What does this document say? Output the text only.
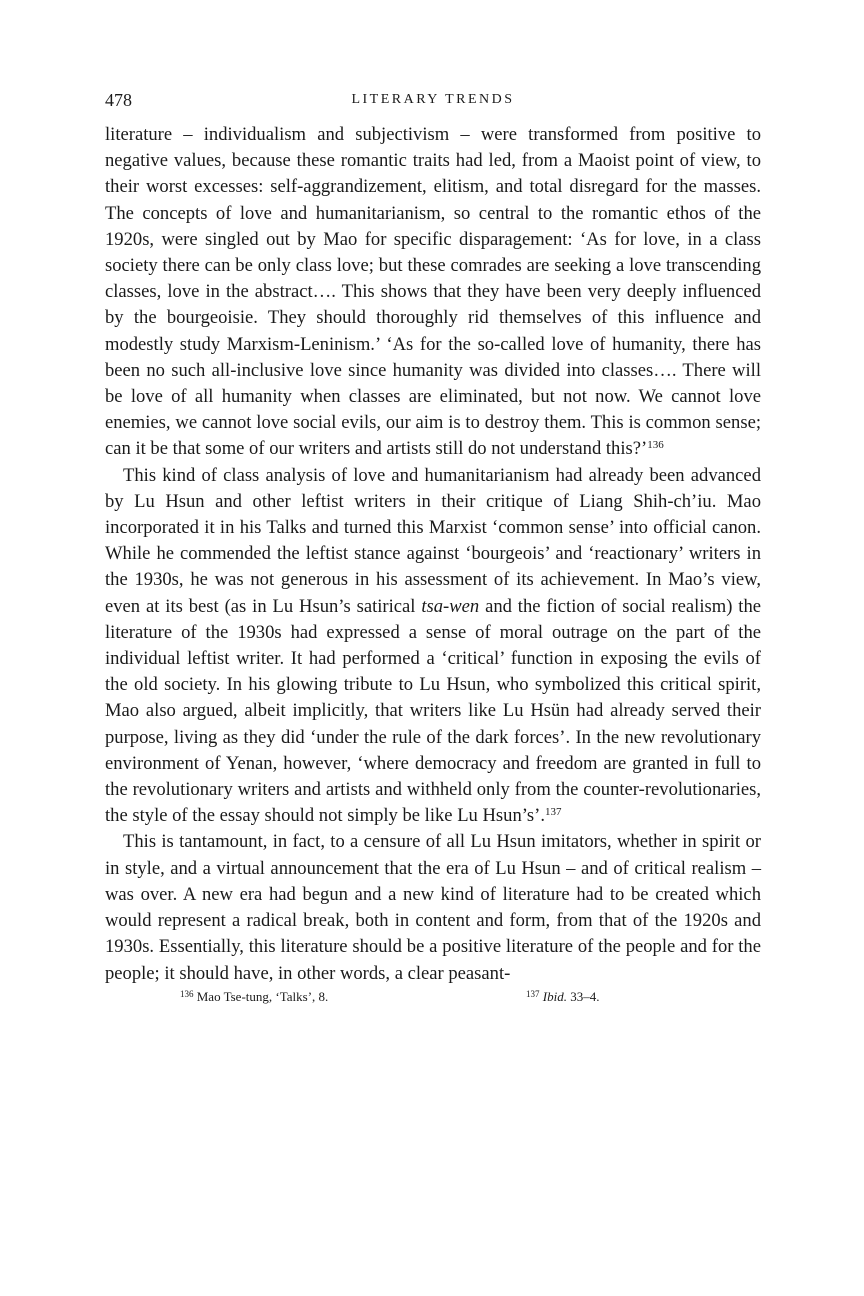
478	LITERARY TRENDS

literature – individualism and subjectivism – were transformed from positive to negative values, because these romantic traits had led, from a Maoist point of view, to their worst excesses: self-aggrandizement, elitism, and total disregard for the masses. The concepts of love and humanitarianism, so central to the romantic ethos of the 1920s, were singled out by Mao for specific disparagement: ‘As for love, in a class society there can be only class love; but these comrades are seeking a love transcending classes, love in the abstract…. This shows that they have been very deeply influenced by the bourgeoisie. They should thoroughly rid themselves of this influence and modestly study Marxism-Leninism.’ ‘As for the so-called love of humanity, there has been no such all-inclusive love since humanity was divided into classes…. There will be love of all humanity when classes are eliminated, but not now. We cannot love enemies, we cannot love social evils, our aim is to destroy them. This is common sense; can it be that some of our writers and artists still do not understand this?’$^{136}$

This kind of class analysis of love and humanitarianism had already been advanced by Lu Hsun and other leftist writers in their critique of Liang Shih-ch’iu. Mao incorporated it in his Talks and turned this Marxist ‘common sense’ into official canon. While he commended the leftist stance against ‘bourgeois’ and ‘reactionary’ writers in the 1930s, he was not generous in his assessment of its achievement. In Mao’s view, even at its best (as in Lu Hsun’s satirical tsa-wen and the fiction of social realism) the literature of the 1930s had expressed a sense of moral outrage on the part of the individual leftist writer. It had performed a ‘critical’ function in exposing the evils of the old society. In his glowing tribute to Lu Hsun, who symbolized this critical spirit, Mao also argued, albeit implicitly, that writers like Lu Hsün had already served their purpose, living as they did ‘under the rule of the dark forces’. In the new revolutionary environment of Yenan, however, ‘where democracy and freedom are granted in full to the revolutionary writers and artists and withheld only from the counter-revolutionaries, the style of the essay should not simply be like Lu Hsun’s’.$^{137}$

This is tantamount, in fact, to a censure of all Lu Hsun imitators, whether in spirit or in style, and a virtual announcement that the era of Lu Hsun – and of critical realism – was over. A new era had begun and a new kind of literature had to be created which would represent a radical break, both in content and form, from that of the 1920s and 1930s. Essentially, this literature should be a positive literature of the people and for the people; it should have, in other words, a clear peasant-

$^{136}$ Mao Tse-tung, ‘Talks’, 8.	$^{137}$ Ibid. 33–4.
